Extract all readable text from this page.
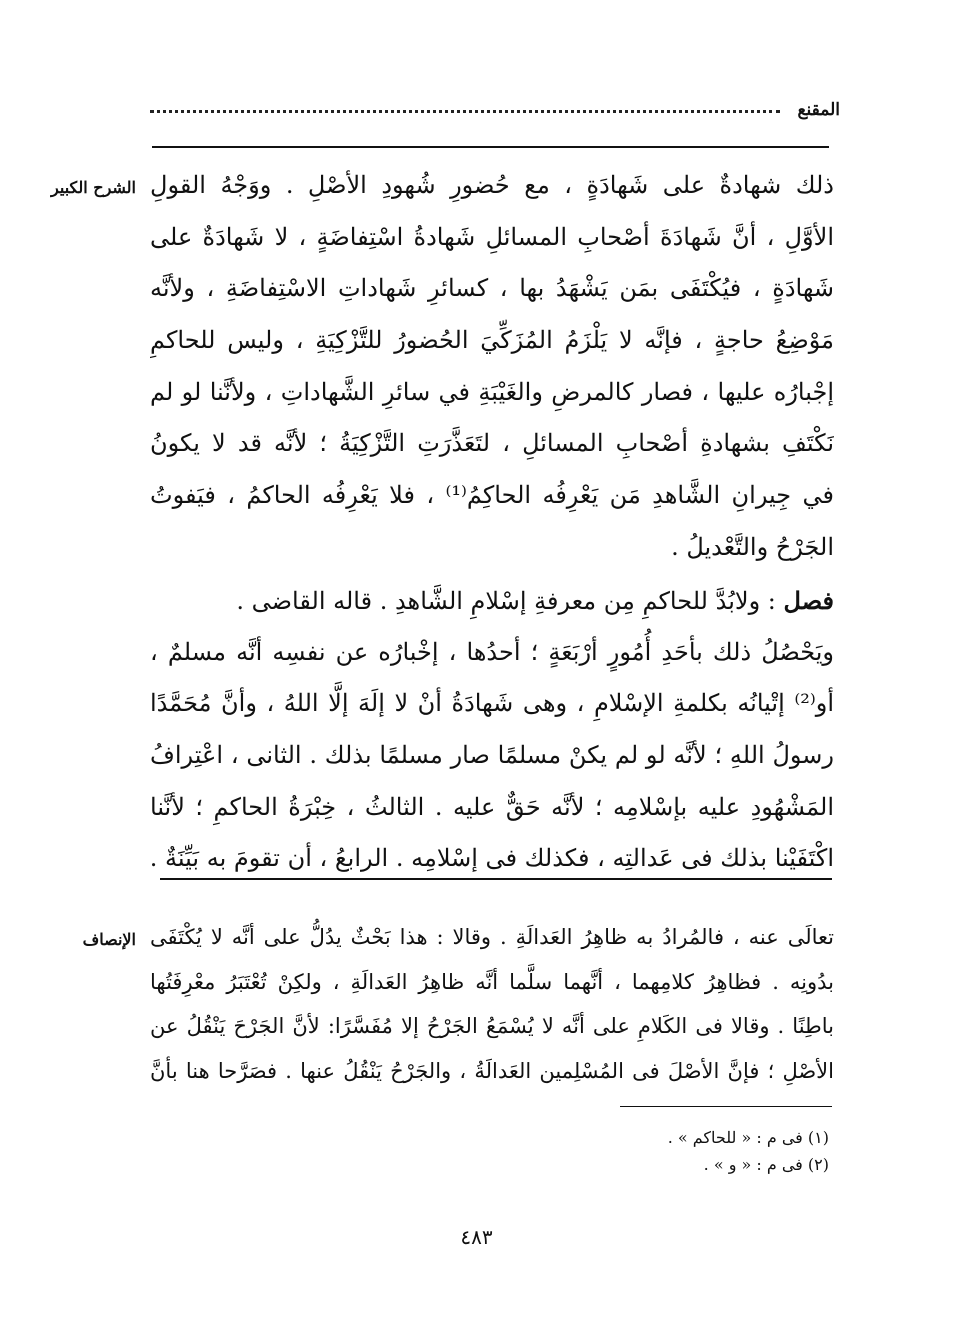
المقنع
الشرح الكبير ذلك شهادةٌ على شَهادَةٍ ، مع حُضورِ شُهودِ الأصْلِ . ووَجْهُ القولِ
الأوَّلِ ، أنَّ شَهادَةَ أصْحابِ المسائلِ شَهادةُ اسْتِفاضَةٍ ، لا شَهادَةٌ على
شَهادَةٍ ، فيُكْتَفَى بمَن يَشْهَدُ بها ، كسائرِ شَهاداتِ الاسْتِفاضَةِ ، ولأنَّه
مَوْضِعُ حاجةٍ ، فإنَّه لا يَلْزَمُ المُزَكِّيَ الحُضورُ للتَّزْكِيَةِ ، وليس للحاكمِ
إجْبارُه عليها ، فصار كالمرضِ والغَيْبَةِ في سائرِ الشَّهاداتِ ، ولأنَّنا لو لم
نَكْتَفِ بشهادةِ أصْحابِ المسائلِ ، لتَعَذَّرَتِ التَّزْكِيَةُ ؛ لأنَّه قد لا يكونُ
في جِيرانِ الشَّاهدِ مَن يَعْرِفُه الحاكِمُ⁽¹⁾ ، فلا يَعْرِفُه الحاكمُ ، فيَفوتُ
الجَرْحُ والتَّعْديلُ .
فصل : ولابُدَّ للحاكمِ مِن معرفةِ إسْلامِ الشَّاهدِ . قاله القاضى .
ويَحْصُلُ ذلك بأحَدِ أُمُورٍ أرْبَعَةٍ ؛ أحدُها ، إخْبارُه عن نفسِه أنَّه مسلمٌ ،
أو⁽²⁾ إتْيانُه بكلمةِ الإسْلامِ ، وهى شَهادَةُ أنْ لا إلَهَ إلَّا اللهُ ، وأنَّ مُحَمَّدًا
رسولُ اللهِ ؛ لأنَّه لو لم يكنْ مسلمًا صار مسلمًا بذلك . الثانى ، اعْتِرافُ
المَشْهُودِ عليه بإسْلامِه ؛ لأنَّه حَقٌّ عليه . الثالثُ ، خِبْرَةُ الحاكمِ ؛ لأنَّنا
اكْتَفَيْنا بذلك فى عَدالتِه ، فكذلك فى إسْلامِه . الرابعُ ، أن تقومَ به بَيِّنَةٌ .
الإنصاف تعالَى عنه ، فالمُرادُ به ظاهِرُ العَدالَةِ . وقالا : هذا بَحْثٌ يدُلُّ على أنَّه لا يُكْتَفَى
بدُونِه . فظاهِرُ كلامِهما ، أنَّهما سلَّما أنَّه ظاهِرُ العَدالَةِ ، ولكِنْ تُعْتَبَرُ معْرِفَتُها
باطِنًا . وقالا فى الكَلامِ على أنَّه لا يُسْمَعُ الجَرْحُ إلا مُفَسَّرًا: لأنَّ الجَرْحَ يَنْقُلُ عن
الأصْلِ ؛ فإنَّ الأصْلَ فى المُسْلِمين العَدالَةُ ، والجَرْحُ يَنْقُلُ عنها . فصَرَّحا هنا بأنَّ
(١) فى م : « للحاكم » .
(٢) فى م : « و » .
٤٨٣
